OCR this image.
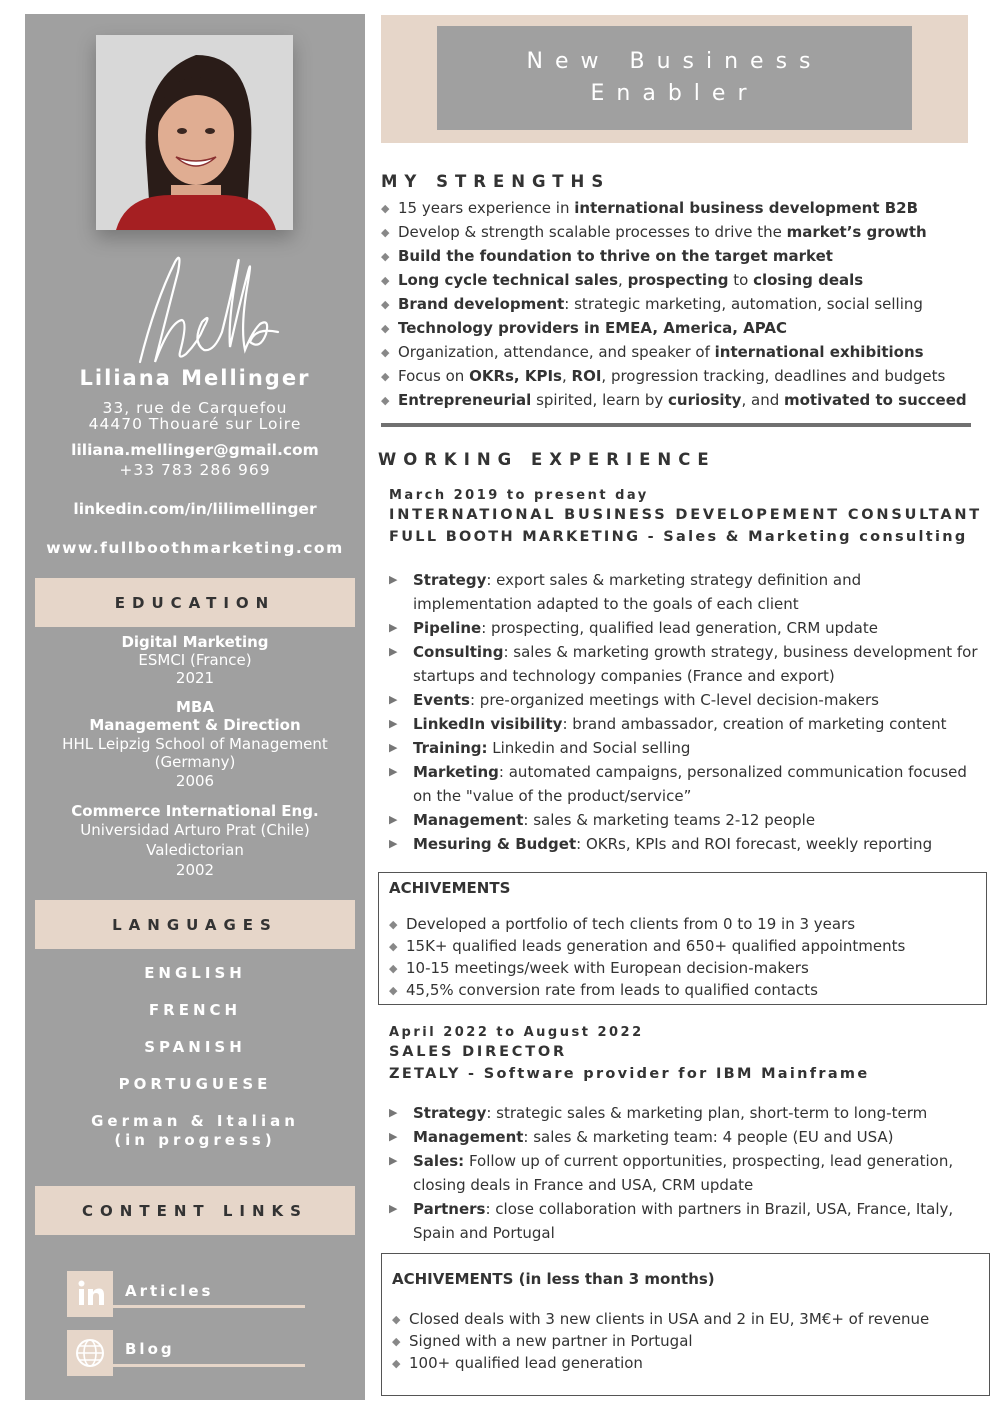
Liliana Mellinger
33, rue de Carquefou
44470 Thouaré sur Loire
liliana.mellinger@gmail.com
+33 783 286 969
linkedin.com/in/lilimellinger
www.fullboothmarketing.com
EDUCATION
Digital Marketing
ESMCI (France)
2021
MBA
Management & Direction
HHL Leipzig School of Management
(Germany)
2006
Commerce International Eng.
Universidad Arturo Prat (Chile)
Valedictorian
2002
LANGUAGES
ENGLISH
FRENCH
SPANISH
PORTUGUESE
German & Italian
(in progress)
CONTENT LINKS
Articles
Blog
New Business
Enabler
MY STRENGTHS
◆ 15 years experience in international business development B2B
◆ Develop & strength scalable processes to drive the market’s growth
◆ Build the foundation to thrive on the target market
◆ Long cycle technical sales, prospecting to closing deals
◆ Brand development: strategic marketing, automation, social selling
◆ Technology providers in EMEA, America, APAC
◆ Organization, attendance, and speaker of international exhibitions
◆ Focus on OKRs, KPIs, ROI, progression tracking, deadlines and budgets
◆ Entrepreneurial spirited, learn by curiosity, and motivated to succeed
WORKING EXPERIENCE
March 2019 to present day
INTERNATIONAL BUSINESS DEVELOPEMENT CONSULTANT
FULL BOOTH MARKETING - Sales & Marketing consulting
▶	Strategy: export sales & marketing strategy definition and implementation adapted to the goals of each client
▶	Pipeline: prospecting, qualified lead generation, CRM update
▶	Consulting: sales & marketing growth strategy, business development for startups and technology companies (France and export)
▶	Events: pre-organized meetings with C-level decision-makers
▶	LinkedIn visibility: brand ambassador, creation of marketing content
▶	Training: Linkedin and Social selling
▶	Marketing: automated campaigns, personalized communication focused on the "value of the product/service”
▶	Management: sales & marketing teams 2-12 people
▶	Mesuring & Budget: OKRs, KPIs and ROI forecast, weekly reporting
ACHIVEMENTS
◆ Developed a portfolio of tech clients from 0 to 19 in 3 years
◆ 15K+ qualified leads generation and 650+ qualified appointments
◆ 10-15 meetings/week with European decision-makers
◆ 45,5% conversion rate from leads to qualified contacts
April 2022 to August 2022
SALES DIRECTOR
ZETALY - Software provider for IBM Mainframe
▶	Strategy: strategic sales & marketing plan, short-term to long-term
▶	Management: sales & marketing team: 4 people (EU and USA)
▶	Sales: Follow up of current opportunities, prospecting, lead generation, closing deals in France and USA, CRM update
▶	Partners: close collaboration with partners in Brazil, USA, France, Italy, Spain and Portugal
ACHIVEMENTS (in less than 3 months)
◆ Closed deals with 3 new clients in USA and 2 in EU, 3M€+ of revenue
◆ Signed with a new partner in Portugal
◆ 100+ qualified lead generation
